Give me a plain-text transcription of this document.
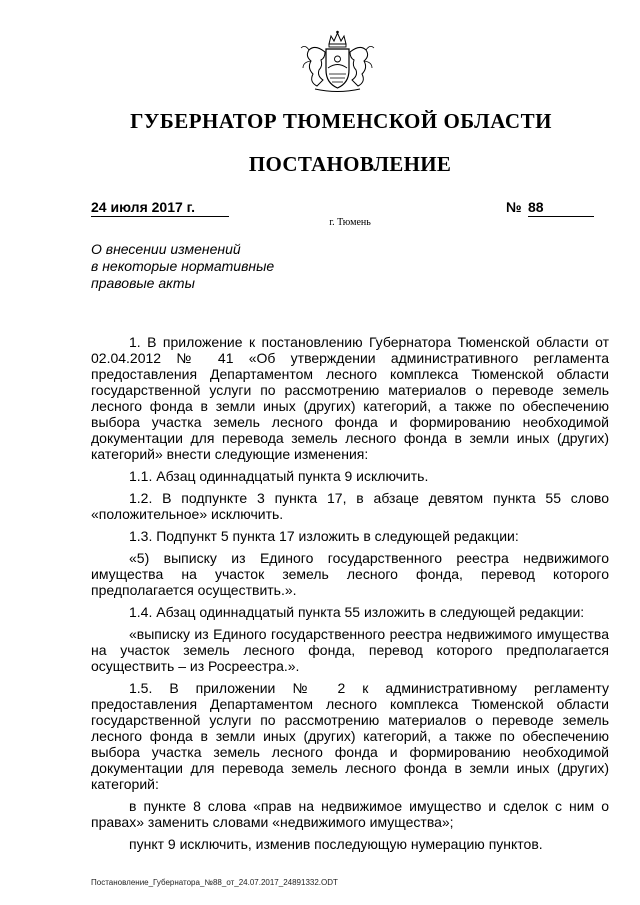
ГУБЕРНАТОР ТЮМЕНСКОЙ ОБЛАСТИ
ПОСТАНОВЛЕНИЕ
24 июля 2017 г.	№ 88
г. Тюмень
О внесении изменений
в некоторые нормативные
правовые акты

1. В приложение к постановлению Губернатора Тюменской области от 02.04.2012 № 41 «Об утверждении административного регламента предоставления Департаментом лесного комплекса Тюменской области государственной услуги по рассмотрению материалов о переводе земель лесного фонда в земли иных (других) категорий, а также по обеспечению выбора участка земель лесного фонда и формированию необходимой документации для перевода земель лесного фонда в земли иных (других) категорий» внести следующие изменения:

1.1. Абзац одиннадцатый пункта 9 исключить.

1.2. В подпункте 3 пункта 17, в абзаце девятом пункта 55 слово «положительное» исключить.

1.3. Подпункт 5 пункта 17 изложить в следующей редакции:

«5) выписку из Единого государственного реестра недвижимого имущества на участок земель лесного фонда, перевод которого предполагается осуществить.».

1.4. Абзац одиннадцатый пункта 55 изложить в следующей редакции:

«выписку из Единого государственного реестра недвижимого имущества на участок земель лесного фонда, перевод которого предполагается осуществить – из Росреестра.».

1.5. В приложении № 2 к административному регламенту предоставления Департаментом лесного комплекса Тюменской области государственной услуги по рассмотрению материалов о переводе земель лесного фонда в земли иных (других) категорий, а также по обеспечению выбора участка земель лесного фонда и формированию необходимой документации для перевода земель лесного фонда в земли иных (других) категорий:

в пункте 8 слова «прав на недвижимое имущество и сделок с ним о правах» заменить словами «недвижимого имущества»;

пункт 9 исключить, изменив последующую нумерацию пунктов.

Постановление_Губернатора_№88_от_24.07.2017_24891332.ODT
